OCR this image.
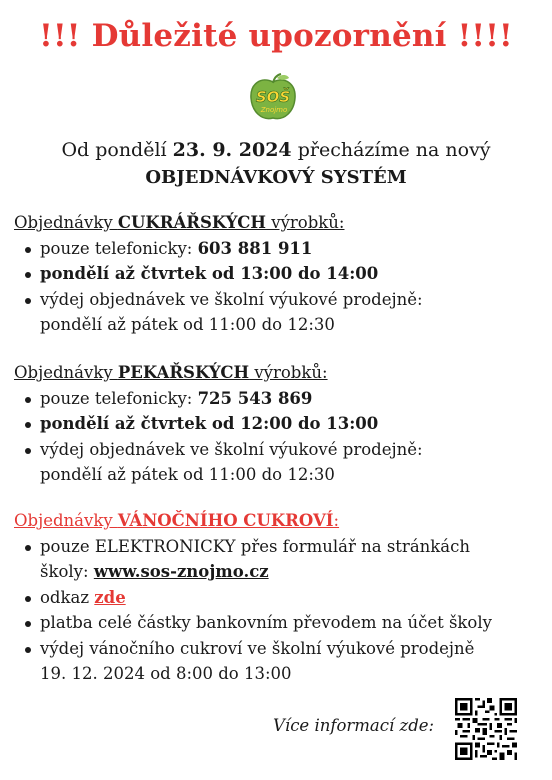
!!! Důležité upozornění !!!!
SOŠ
Znojmo
Od pondělí 23. 9. 2024 přecházíme na nový
OBJEDNÁVKOVÝ SYSTÉM
Objednávky CUKRÁŘSKÝCH výrobků:
pouze telefonicky: 603 881 911
pondělí až čtvrtek od 13:00 do 14:00
výdej objednávek ve školní výukové prodejně:
pondělí až pátek od 11:00 do 12:30
Objednávky PEKAŘSKÝCH výrobků:
pouze telefonicky: 725 543 869
pondělí až čtvrtek od 12:00 do 13:00
výdej objednávek ve školní výukové prodejně:
pondělí až pátek od 11:00 do 12:30
Objednávky VÁNOČNÍHO CUKROVÍ:
pouze ELEKTRONICKY přes formulář na stránkách
školy: www.sos-znojmo.cz
odkaz zde
platba celé částky bankovním převodem na účet školy
výdej vánočního cukroví ve školní výukové prodejně
19. 12. 2024 od 8:00 do 13:00
Více informací zde:
